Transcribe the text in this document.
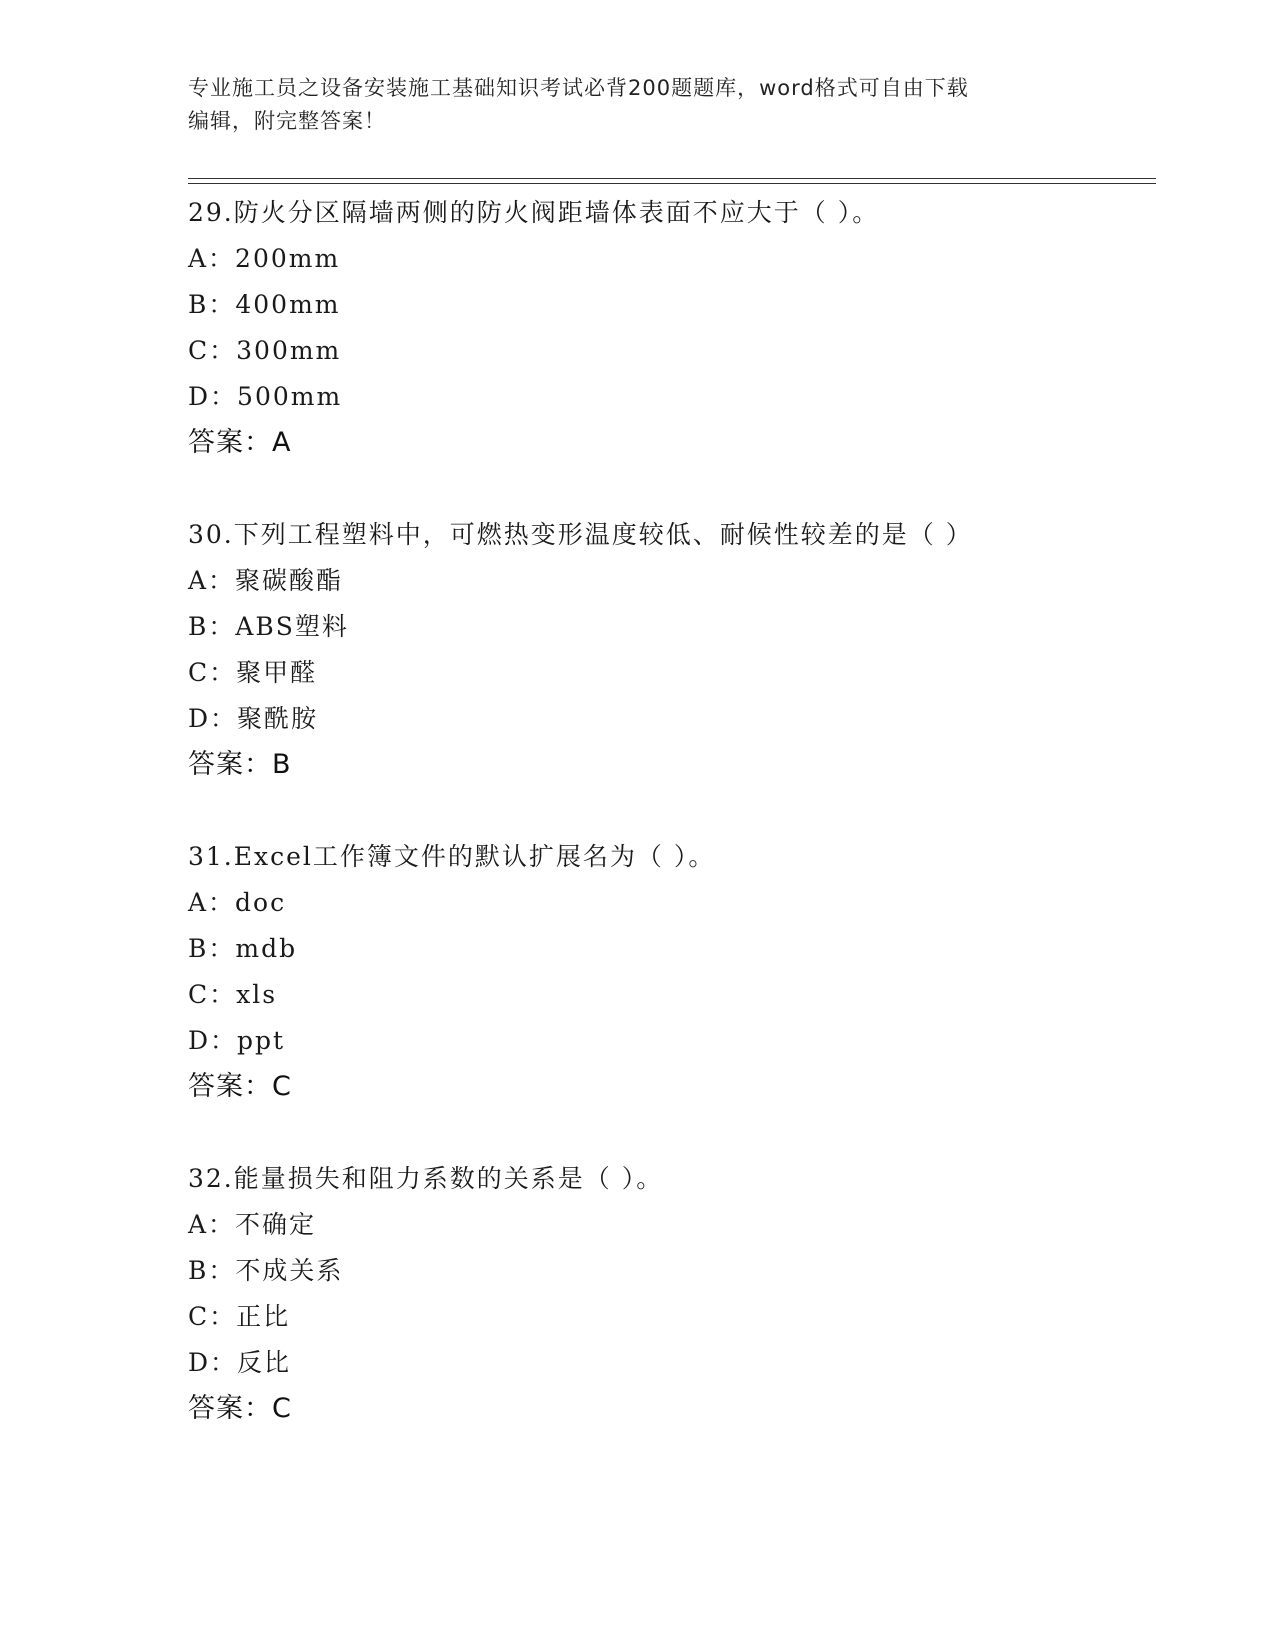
专业施工员之设备安装施工基础知识考试必背200题题库，word格式可自由下载
编辑，附完整答案！
29.防火分区隔墙两侧的防火阀距墙体表面不应大于（ ）。
A：200mm
B：400mm
C：300mm
D：500mm
答案：A
30.下列工程塑料中，可燃热变形温度较低、耐候性较差的是（ ）
A：聚碳酸酯
B：ABS塑料
C：聚甲醛
D：聚酰胺
答案：B
31.Excel工作簿文件的默认扩展名为（ ）。
A：doc
B：mdb
C：xls
D：ppt
答案：C
32.能量损失和阻力系数的关系是（ ）。
A：不确定
B：不成关系
C：正比
D：反比
答案：C
